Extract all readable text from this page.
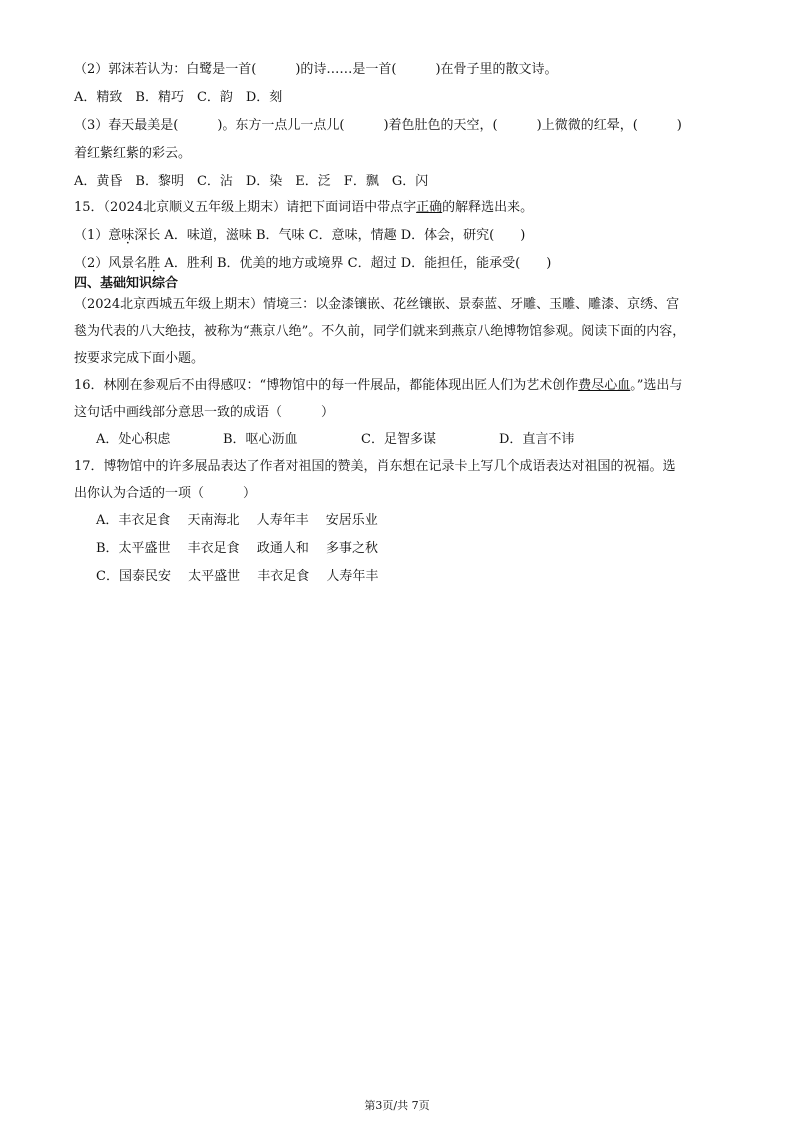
（2）郭沫若认为：白鹭是一首(　　　)的诗……是一首(　　　)在骨子里的散文诗。
A．精致　B．精巧　C．韵　D．刻
（3）春天最美是(　　　)。东方一点儿一点儿(　　　)着色肚色的天空，(　　　)上微微的红晕，(　　　)
着红紫红紫的彩云。
A．黄昏　B．黎明　C．沾　D．染　E．泛　F．飘　G．闪
15．（2024北京顺义五年级上期末）请把下面词语中带点字正确的解释选出来。
（1）意味深长 A．味道，滋味 B．气味 C．意味，情趣 D．体会，研究(　　)
（2）风景名胜 A．胜利 B．优美的地方或境界 C．超过 D．能担任，能承受(　　)
四、基础知识综合
（2024北京西城五年级上期末）情境三：以金漆镶嵌、花丝镶嵌、景泰蓝、牙雕、玉雕、雕漆、京绣、宫
毯为代表的八大绝技，被称为“燕京八绝”。不久前，同学们就来到燕京八绝博物馆参观。阅读下面的内容，
按要求完成下面小题。
16．林刚在参观后不由得感叹：“博物馆中的每一件展品，都能体现出匠人们为艺术创作费尽心血。”选出与
这句话中画线部分意思一致的成语（　　　）
A．处心积虑	B．呕心沥血	C．足智多谋	D．直言不讳
17．博物馆中的许多展品表达了作者对祖国的赞美，肖东想在记录卡上写几个成语表达对祖国的祝福。选
出你认为合适的一项（　　　）
A．丰衣足食　 天南海北　 人寿年丰　 安居乐业
B．太平盛世　 丰衣足食　 政通人和　 多事之秋
C．国泰民安　 太平盛世　 丰衣足食　 人寿年丰
第3页/共 7页
